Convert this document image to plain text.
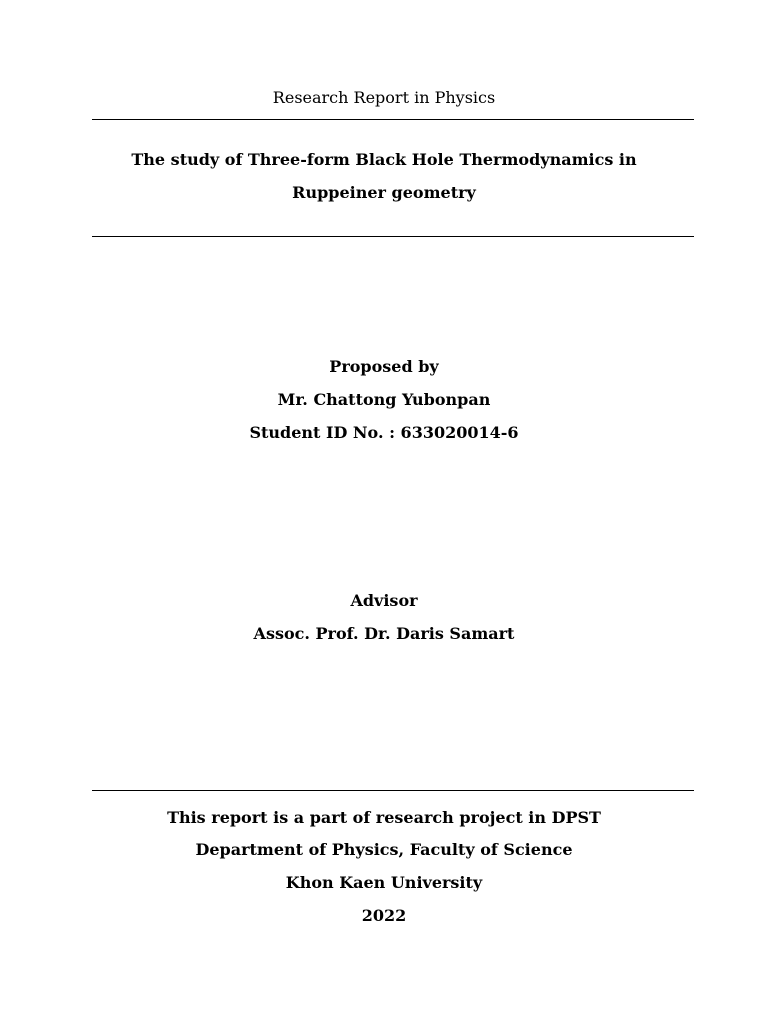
Research Report in Physics
The study of Three-form Black Hole Thermodynamics in
Ruppeiner geometry
Proposed by
Mr. Chattong Yubonpan
Student ID No. : 633020014-6
Advisor
Assoc. Prof. Dr. Daris Samart
This report is a part of research project in DPST
Department of Physics, Faculty of Science
Khon Kaen University
2022
